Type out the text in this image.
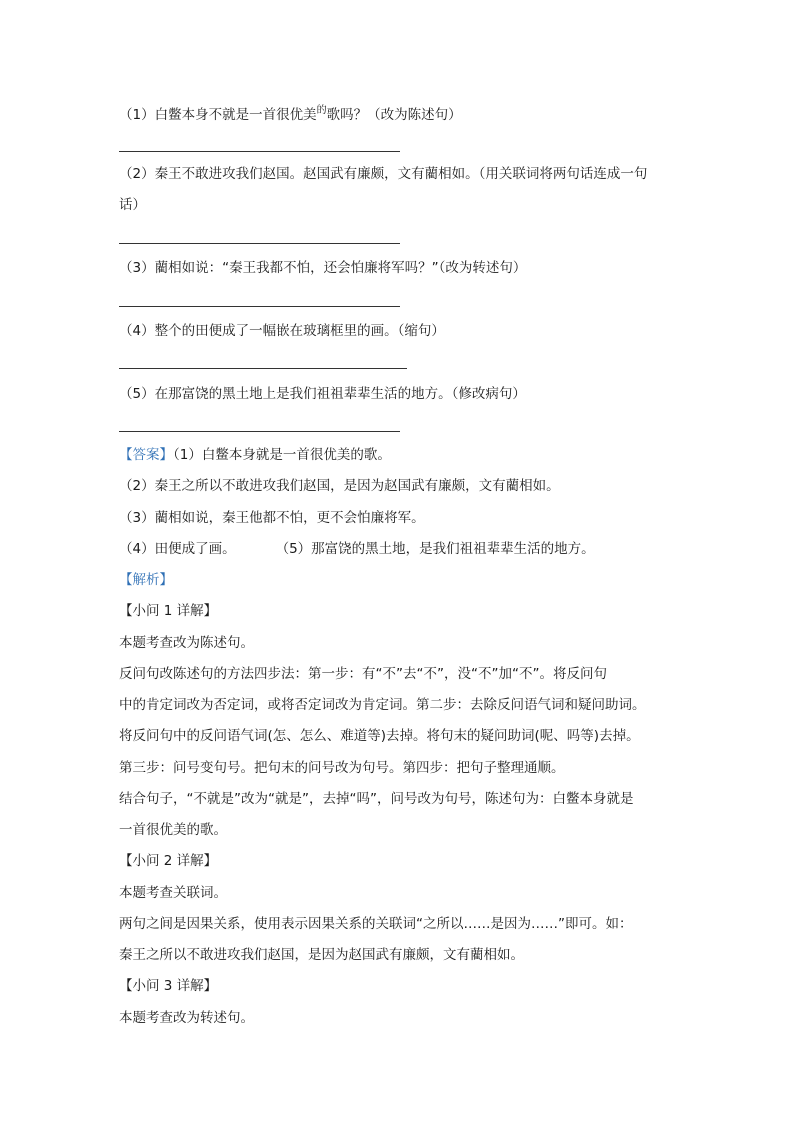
（1）白鳖本身不就是一首很优美$^的$歌吗？（改为陈述句）
（2）秦王不敢进攻我们赵国。赵国武有廉颇，文有藺相如。（用关联词将两句话连成一句
话）
（3）藺相如说：“秦王我都不怕，还会怕廉将军吗？”（改为转述句）
（4）整个的田便成了一幅嵌在玻璃框里的画。（缩句）
（5）在那富饶的黑土地上是我们祖祖辈辈生活的地方。（修改病句）
【答案】（1）白鳖本身就是一首很优美的歌。
（2）秦王之所以不敢进攻我们赵国，是因为赵国武有廉颇，文有藺相如。
（3）藺相如说，秦王他都不怕，更不会怕廉将军。
（4）田便成了画。	（5）那富饶的黑土地，是我们祖祖辈辈生活的地方。
【解析】
【小问 1 详解】
本题考查改为陈述句。
反问句改陈述句的方法四步法：第一步：有“不”去“不”，没“不”加“不”。将反问句
中的肯定词改为否定词，或将否定词改为肯定词。第二步：去除反问语气词和疑问助词。
将反问句中的反问语气词(怎、怎么、难道等)去掉。将句末的疑问助词(呢、吗等)去掉。
第三步：问号变句号。把句末的问号改为句号。第四步：把句子整理通顺。
结合句子，“不就是”改为“就是”，去掉“吗”，问号改为句号，陈述句为：白鳖本身就是
一首很优美的歌。
【小问 2 详解】
本题考查关联词。
两句之间是因果关系，使用表示因果关系的关联词“之所以……是因为……”即可。如：
秦王之所以不敢进攻我们赵国，是因为赵国武有廉颇，文有藺相如。
【小问 3 详解】
本题考查改为转述句。
